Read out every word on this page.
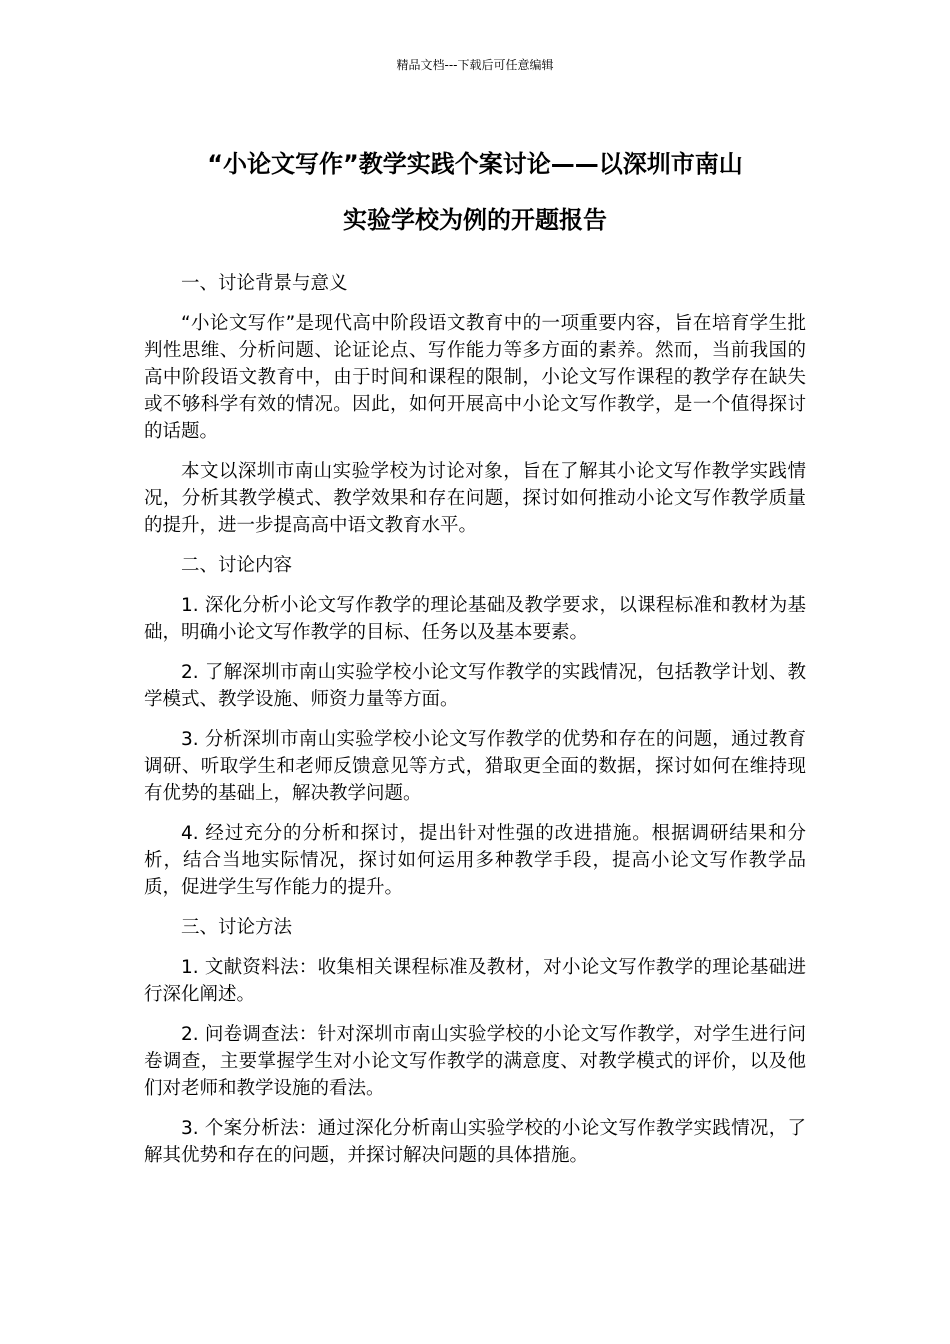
精品文档---下载后可任意编辑
“小论文写作”教学实践个案讨论——以深圳市南山
实验学校为例的开题报告

一、讨论背景与意义

“小论文写作”是现代高中阶段语文教育中的一项重要内容，旨在培育学生批判性思维、分析问题、论证论点、写作能力等多方面的素养。然而，当前我国的高中阶段语文教育中，由于时间和课程的限制，小论文写作课程的教学存在缺失或不够科学有效的情况。因此，如何开展高中小论文写作教学，是一个值得探讨的话题。

本文以深圳市南山实验学校为讨论对象，旨在了解其小论文写作教学实践情况，分析其教学模式、教学效果和存在问题，探讨如何推动小论文写作教学质量的提升，进一步提高高中语文教育水平。

二、讨论内容

1. 深化分析小论文写作教学的理论基础及教学要求，以课程标准和教材为基础，明确小论文写作教学的目标、任务以及基本要素。

2. 了解深圳市南山实验学校小论文写作教学的实践情况，包括教学计划、教学模式、教学设施、师资力量等方面。

3. 分析深圳市南山实验学校小论文写作教学的优势和存在的问题，通过教育调研、听取学生和老师反馈意见等方式，猎取更全面的数据，探讨如何在维持现有优势的基础上，解决教学问题。

4. 经过充分的分析和探讨，提出针对性强的改进措施。根据调研结果和分析，结合当地实际情况，探讨如何运用多种教学手段，提高小论文写作教学品质，促进学生写作能力的提升。

三、讨论方法

1. 文献资料法：收集相关课程标准及教材，对小论文写作教学的理论基础进行深化阐述。

2. 问卷调查法：针对深圳市南山实验学校的小论文写作教学，对学生进行问卷调查，主要掌握学生对小论文写作教学的满意度、对教学模式的评价，以及他们对老师和教学设施的看法。

3. 个案分析法：通过深化分析南山实验学校的小论文写作教学实践情况，了解其优势和存在的问题，并探讨解决问题的具体措施。
